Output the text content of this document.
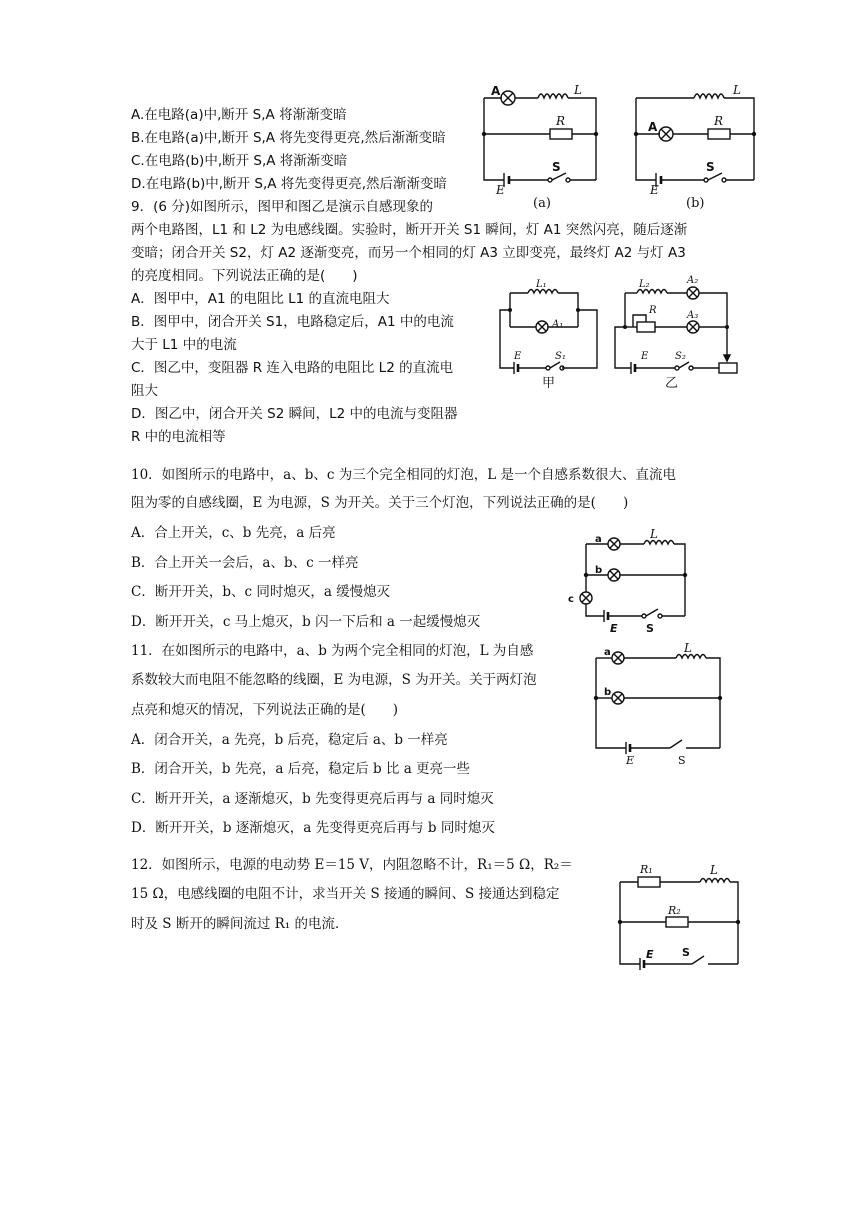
A.在电路(a)中,断开 S,A 将渐渐变暗
B.在电路(a)中,断开 S,A 将先变得更亮,然后渐渐变暗
C.在电路(b)中,断开 S,A 将渐渐变暗
D.在电路(b)中,断开 S,A 将先变得更亮,然后渐渐变暗
A	L
R
S
E
(a)
A
L
R
S
E
(b)
9．(6 分)如图所示，图甲和图乙是演示自感现象的
两个电路图，L1 和 L2 为电感线圈。实验时，断开开关 S1 瞬间，灯 A1 突然闪亮，随后逐渐
变暗；闭合开关 S2，灯 A2 逐渐变亮，而另一个相同的灯 A3 立即变亮，最终灯 A2 与灯 A3
的亮度相同。下列说法正确的是(　　)
A．图甲中，A1 的电阻比 L1 的直流电阻大
B．图甲中，闭合开关 S1，电路稳定后，A1 中的电流
大于 L1 中的电流
C．图乙中，变阻器 R 连入电路的电阻比 L2 的直流电
阻大
D．图乙中，闭合开关 S2 瞬间，L2 中的电流与变阻器
R 中的电流相等
L₁
A₁
E	S₁
甲
L₂	A₂
A₃
R
E	S₂
乙
10．如图所示的电路中，a、b、c 为三个完全相同的灯泡，L 是一个自感系数很大、直流电
阻为零的自感线圈，E 为电源，S 为开关。关于三个灯泡，下列说法正确的是(　　)
A．合上开关，c、b 先亮，a 后亮
B．合上开关一会后，a、b、c 一样亮
C．断开开关，b、c 同时熄灭，a 缓慢熄灭
D．断开开关，c 马上熄灭，b 闪一下后和 a 一起缓慢熄灭
a
b
c
L
E	S
11．在如图所示的电路中，a、b 为两个完全相同的灯泡，L 为自感
系数较大而电阻不能忽略的线圈，E 为电源，S 为开关。关于两灯泡
点亮和熄灭的情况，下列说法正确的是(　　)
A．闭合开关，a 先亮，b 后亮，稳定后 a、b 一样亮
B．闭合开关，b 先亮，a 后亮，稳定后 b 比 a 更亮一些
C．断开开关，a 逐渐熄灭，b 先变得更亮后再与 a 同时熄灭
D．断开开关，b 逐渐熄灭，a 先变得更亮后再与 b 同时熄灭
a
b
L
E	S
12．如图所示，电源的电动势 E＝15 V，内阻忽略不计，R₁＝5 Ω，R₂＝
15 Ω，电感线圈的电阻不计，求当开关 S 接通的瞬间、S 接通达到稳定
时及 S 断开的瞬间流过 R₁ 的电流．
R₁
R₂
L
E	S
